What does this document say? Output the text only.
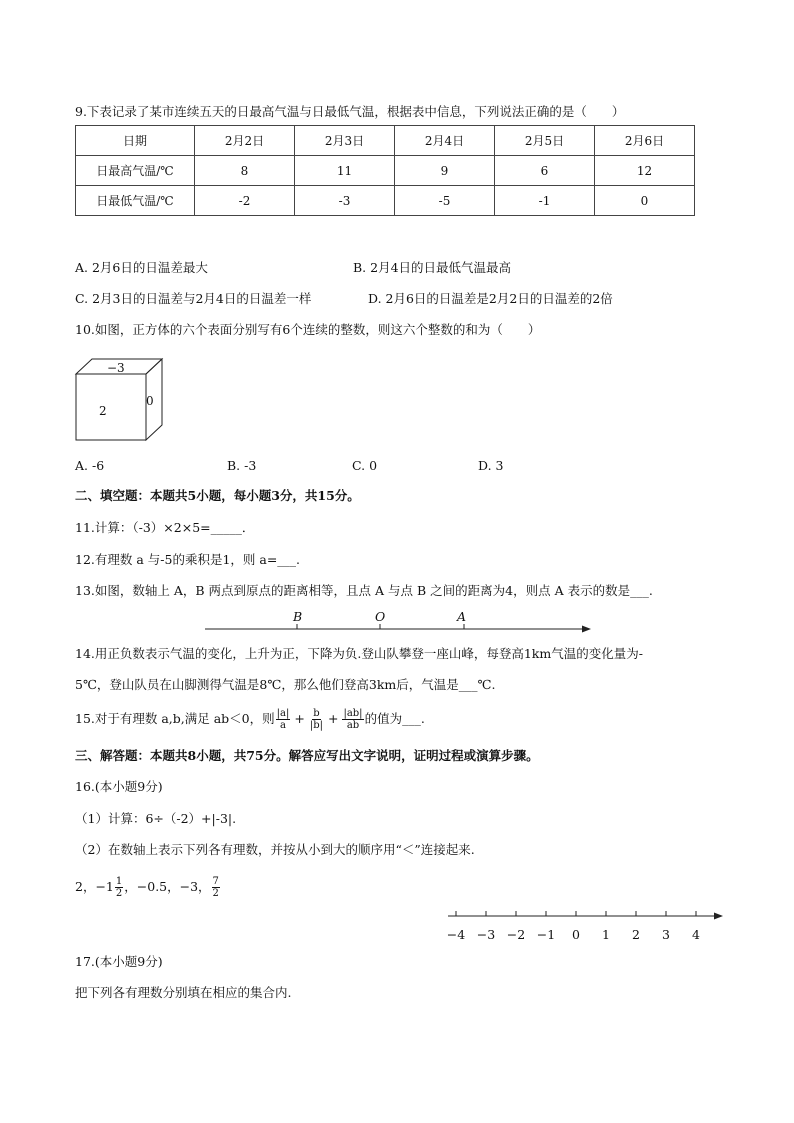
9.下表记录了某市连续五天的日最高气温与日最低气温，根据表中信息，下列说法正确的是（　　）
日期	2月2日	2月3日	2月4日	2月5日	2月6日
日最高气温/℃	8	11	9	6	12
日最低气温/℃	-2	-3	-5	-1	0
A. 2月6日的日温差最大	B. 2月4日的日最低气温最高
C. 2月3日的日温差与2月4日的日温差一样	D. 2月6日的日温差是2月2日的日温差的2倍
10.如图，正方体的六个表面分别写有6个连续的整数，则这六个整数的和为（　　）
−3
2
0
A. -6	B. -3	C. 0	D. 3
二、填空题：本题共5小题，每小题3分，共15分。
11.计算：（-3）×2×5=_____．
12.有理数 a 与-5的乘积是1，则 a=___.
13.如图，数轴上 A，B 两点到原点的距离相等，且点 A 与点 B 之间的距离为4，则点 A 表示的数是___.
B	O	A
14.用正负数表示气温的变化，上升为正，下降为负.登山队攀登一座山峰，每登高1km气温的变化量为-
5℃，登山队员在山脚测得气温是8℃，那么他们登高3km后，气温是___℃.
15.对于有理数 a,b,满足 ab＜0，则 $\frac{|a|}{a} + \frac{b}{|b|} + \frac{|ab|}{ab}$ 的值为___.
三、解答题：本题共8小题，共75分。解答应写出文字说明，证明过程或演算步骤。
16.(本小题9分)
（1）计算：6÷（-2）+|-3|.
（2）在数轴上表示下列各有理数，并按从小到大的顺序用“＜”连接起来.
2，$-1 \frac{1}{2}$ ，−0.5，−3， $\frac{7}{2}$
−4 −3 −2 −1	0	1	2	3	4
17.(本小题9分)
把下列各有理数分别填在相应的集合内.
